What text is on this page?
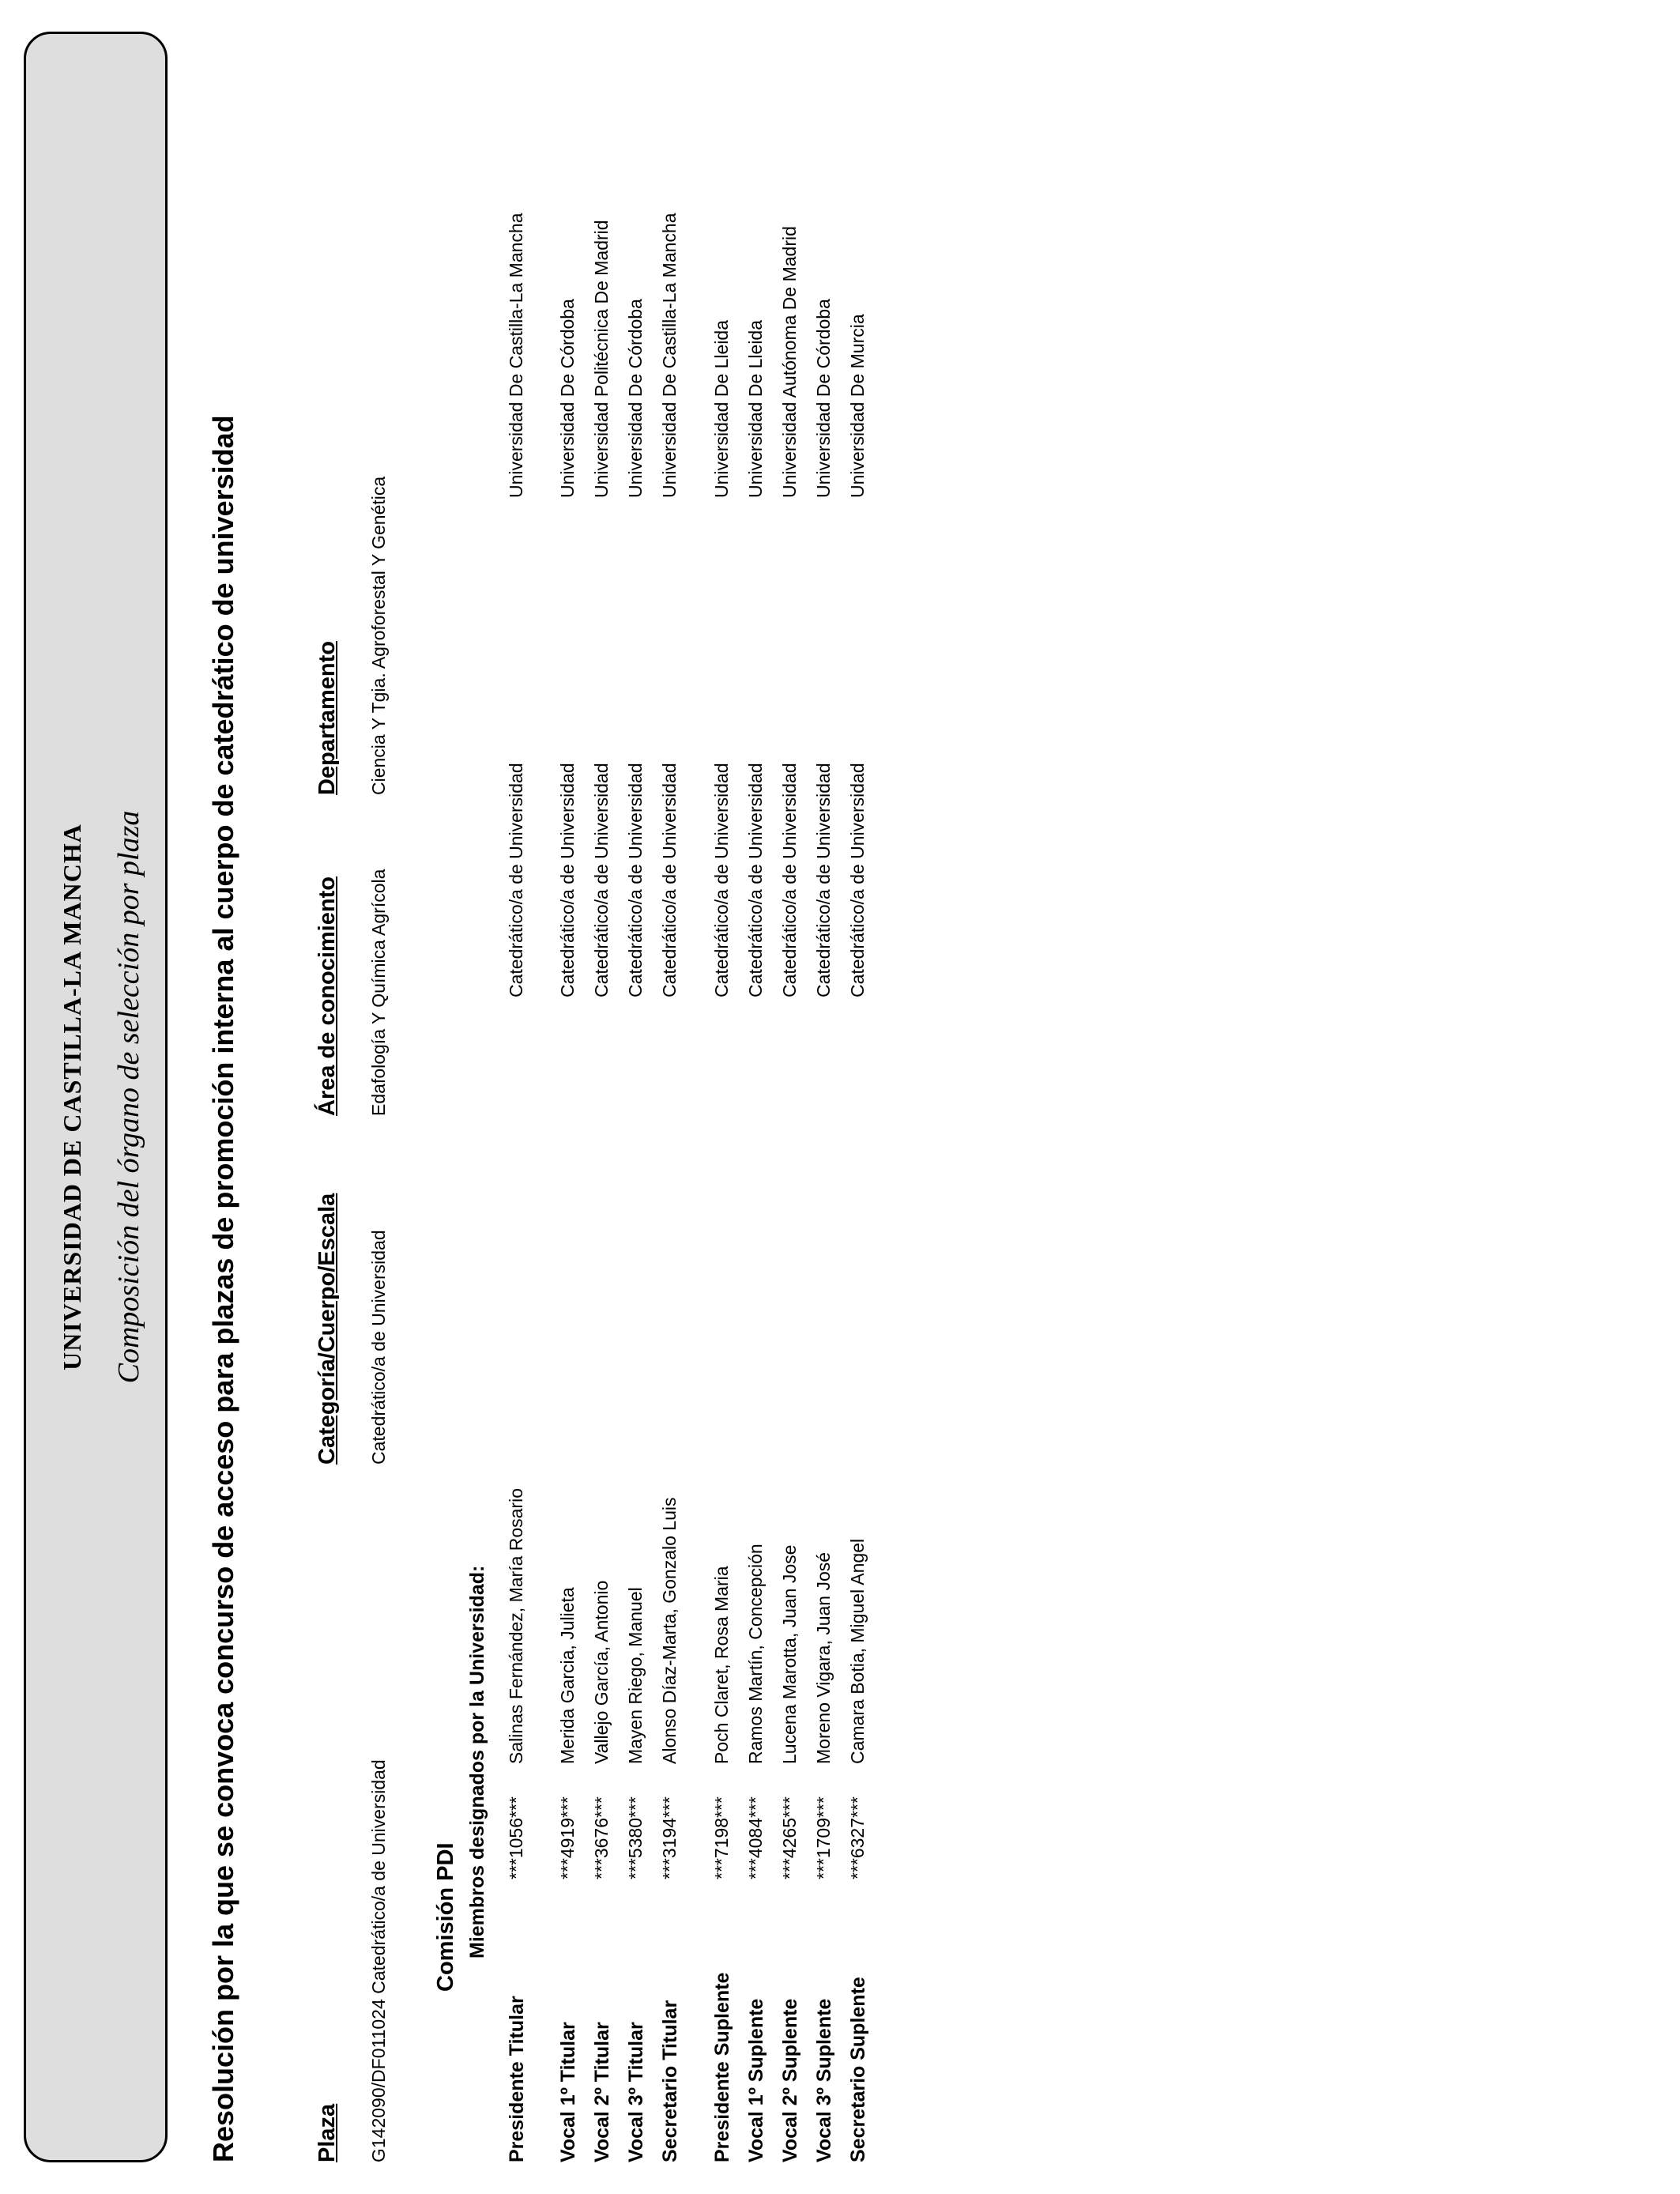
UNIVERSIDAD DE CASTILLA-LA MANCHA Composición del órgano de selección por plaza Resolución por la que se convoca concurso de acceso para plazas de promoción interna al cuerpo de catedrático de universidad	Plaza
Categoría/Cuerpo/Escala
Área de conocimiento
Departamento
G142090/DF011024 Catedrático/a de Universidad
Catedrático/a de Universidad
Edafología Y Química Agrícola
Ciencia Y Tgia. Agroforestal Y Genética
Comisión PDI Miembros designados por la Universidad:
Presidente Titular
***1056***
Salinas Fernández, María Rosario
Catedrático/a de Universidad
Universidad De Castilla-La Mancha
Vocal 1º Titular
***4919***
Merida Garcia, Julieta
Catedrático/a de Universidad
Universidad De Córdoba
Vocal 2º Titular
***3676***
Vallejo García, Antonio
Catedrático/a de Universidad
Universidad Politécnica De Madrid
Vocal 3º Titular
***5380***
Mayen Riego, Manuel
Catedrático/a de Universidad
Universidad De Córdoba
Secretario Titular
***3194***
Alonso Díaz-Marta, Gonzalo Luis
Catedrático/a de Universidad
Universidad De Castilla-La Mancha
Presidente Suplente
***7198***
Poch Claret, Rosa Maria
Catedrático/a de Universidad
Universidad De Lleida
Vocal 1º Suplente
***4084***
Ramos Martín, Concepción
Catedrático/a de Universidad
Universidad De Lleida
Vocal 2º Suplente
***4265***
Lucena Marotta, Juan Jose
Catedrático/a de Universidad
Universidad Autónoma De Madrid
Vocal 3º Suplente
***1709***
Moreno Vigara, Juan José
Catedrático/a de Universidad
Universidad De Córdoba
Secretario Suplente
***6327***
Camara Botia, Miguel Angel
Catedrático/a de Universidad
Universidad De Murcia
